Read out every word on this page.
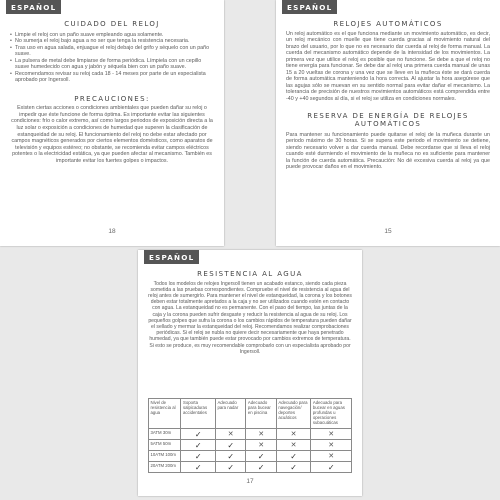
ESPAÑOL
CUIDADO DEL RELOJ
• Limpie el reloj con un paño suave empleando agua solamente.
• No sumerja el reloj bajo agua a no ser que tenga la resistencia necesaria.
• Tras uso en agua salada, enjuague el reloj debajo del grifo y séquelo con un paño suave.
• La pulsera de metal debe limpiarse de forma periódica. Límpiela con un cepillo suave humedecido con agua y jabón y séquela bien con un paño suave.
• Recomendamos revisar su reloj cada 18 - 14 meses por parte de un especialista aprobado por Ingersoll.
PRECAUCIONES:

Existen ciertas acciones o condiciones ambientales que pueden dañar su reloj o impedir que éste funcione de forma óptima. Es importante evitar las siguientes condiciones: frío o calor extremo, así como largos periodos de exposición directa a la luz solar o exposición a condiciones de humedad que superen la clasificación de estanqueidad de su reloj. El funcionamiento del reloj no debe estar afectado por campos magnéticos generados por ciertos elementos domésticos, como aparatos de televisión y equipos estéreo; no obstante, se recomienda evitar campos eléctricos potentes o la electricidad estática, ya que pueden afectar al mecanismo. También es importante evitar los fuertes golpes o impactos.

18
ESPAÑOL
RELOJES AUTOMÁTICOS

Un reloj automático es el que funciona mediante un movimiento automático, es decir, un reloj mecánico con muelle que tiene cuerda gracias al movimiento natural del brazo del usuario, por lo que no es necesario dar cuerda al reloj de forma manual. La cuerda del mecanismo automático depende de la intensidad de los movimientos. La primera vez que utilice el reloj es posible que no funcione. Se debe a que el reloj no tiene energía para funcionar. Se debe dar al reloj una primera cuerda manual de unas 15 a 20 vueltas de corona y una vez que se lleve en la muñeca éste se dará cuerda de forma automática manteniendo la hora correcta. Al ajustar la hora asegúrese que las agujas sólo se muevan en su sentido normal para evitar dañar el mecanismo. La tolerancia de precisión de nuestros movimientos automáticos está comprendida entre -40 y +40 segundos al día, si el reloj se utiliza en condiciones normales.

RESERVA DE ENERGÍA DE RELOJES AUTOMÁTICOS

Para mantener su funcionamiento puede quitarse el reloj de la muñeca durante un periodo máximo de 30 horas. Si se supera este periodo el movimiento se detiene, siendo necesario volver a dar cuerda manual. Debe recordarse que si lleva el reloj cuando esté durmiendo el movimiento de la muñeca no es suficiente para mantener la función de cuerda automática. Precaución: No dé excesiva cuerda al reloj ya que puede provocar daños en el movimiento.

15
ESPAÑOL
RESISTENCIA AL AGUA

Todos los modelos de relojes Ingersoll tienen un acabado estanco, siendo cada pieza sometida a las pruebas correspondientes. Compruebe el nivel de resistencia al agua del reloj antes de sumergirlo. Para mantener el nivel de estanqueidad, la corona y los botones deben estar totalmente apretados a la caja y no ser utilizados cuando estén en contacto con agua. La estanqueidad no es permanente. Con el paso del tiempo, las juntas de la caja y la corona pueden sufrir desgaste y reducir la resistencia al agua de su reloj. Los pequeños golpes que sufra la corona o los cambios rápidos de temperatura pueden dañar el sellado y mermar la estanqueidad del reloj. Recomendamos realizar comprobaciones periódicas. Si el reloj se nubla no quiere decir necesariamente que haya penetrado humedad, ya que también puede estar provocado por cambios extremos de temperatura. Si esto se produce, es muy recomendable comprobarlo con un especialista aprobado por Ingersoll.

Nivel de resistencia al agua	Soporta salpicaduras accidentales	Adecuado para nadar	Adecuado para bucear en piscina	Adecuado para navegación/ deportes acuáticos	Adecuado para bucear en aguas profundas u operaciones subacuáticas
3ATM 30m	✓	✕	✕	✕	✕
5ATM 50m	✓	✓	✕	✕	✕
10ATM 100m	✓	✓	✓	✓	✕
20ATM 200m	✓	✓	✓	✓	✓
17
